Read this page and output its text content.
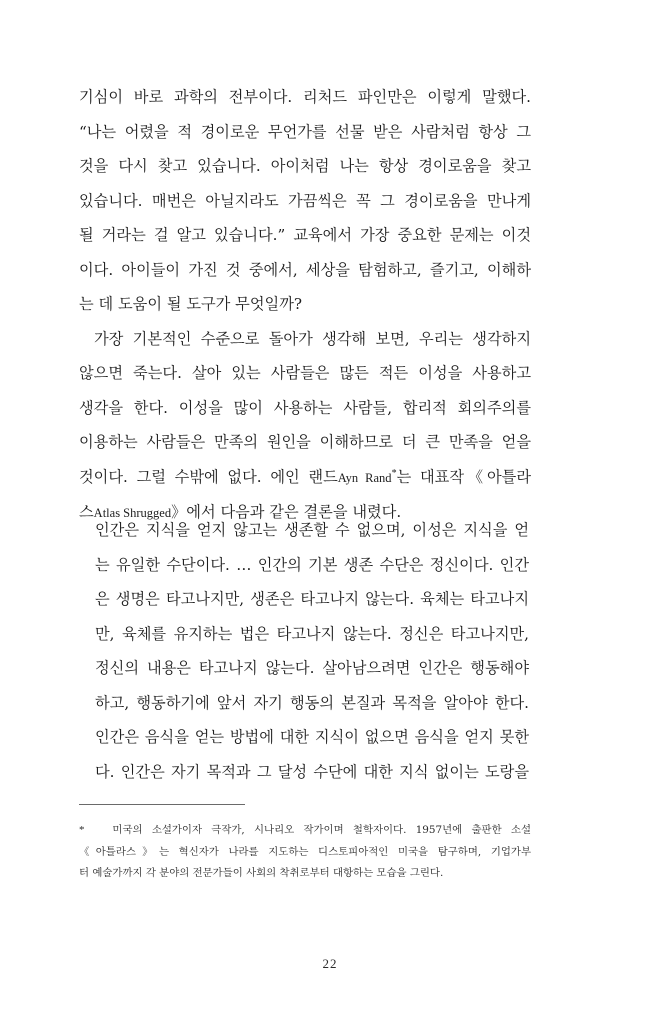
기심이 바로 과학의 전부이다. 리처드 파인만은 이렇게 말했다.
“나는 어렸을 적 경이로운 무언가를 선물 받은 사람처럼 항상 그
것을 다시 찾고 있습니다. 아이처럼 나는 항상 경이로움을 찾고
있습니다. 매번은 아닐지라도 가끔씩은 꼭 그 경이로움을 만나게
될 거라는 걸 알고 있습니다.” 교육에서 가장 중요한 문제는 이것
이다. 아이들이 가진 것 중에서, 세상을 탐험하고, 즐기고, 이해하
는 데 도움이 될 도구가 무엇일까?
가장 기본적인 수준으로 돌아가 생각해 보면, 우리는 생각하지
않으면 죽는다. 살아 있는 사람들은 많든 적든 이성을 사용하고
생각을 한다. 이성을 많이 사용하는 사람들, 합리적 회의주의를
이용하는 사람들은 만족의 원인을 이해하므로 더 큰 만족을 얻을
것이다. 그럴 수밖에 없다. 에인 랜드Ayn Rand*는 대표작《아틀라
스Atlas Shrugged》에서 다음과 같은 결론을 내렸다.
인간은 지식을 얻지 않고는 생존할 수 없으며, 이성은 지식을 얻
는 유일한 수단이다. … 인간의 기본 생존 수단은 정신이다. 인간
은 생명은 타고나지만, 생존은 타고나지 않는다. 육체는 타고나지
만, 육체를 유지하는 법은 타고나지 않는다. 정신은 타고나지만,
정신의 내용은 타고나지 않는다. 살아남으려면 인간은 행동해야
하고, 행동하기에 앞서 자기 행동의 본질과 목적을 알아야 한다.
인간은 음식을 얻는 방법에 대한 지식이 없으면 음식을 얻지 못한
다. 인간은 자기 목적과 그 달성 수단에 대한 지식 없이는 도랑을
*	미국의 소설가이자 극작가, 시나리오 작가이며 철학자이다. 1957년에 출판한 소설
《아틀라스》는 혁신자가 나라를 지도하는 디스토피아적인 미국을 탐구하며, 기업가부
터 예술가까지 각 분야의 전문가들이 사회의 착취로부터 대항하는 모습을 그린다.
22
